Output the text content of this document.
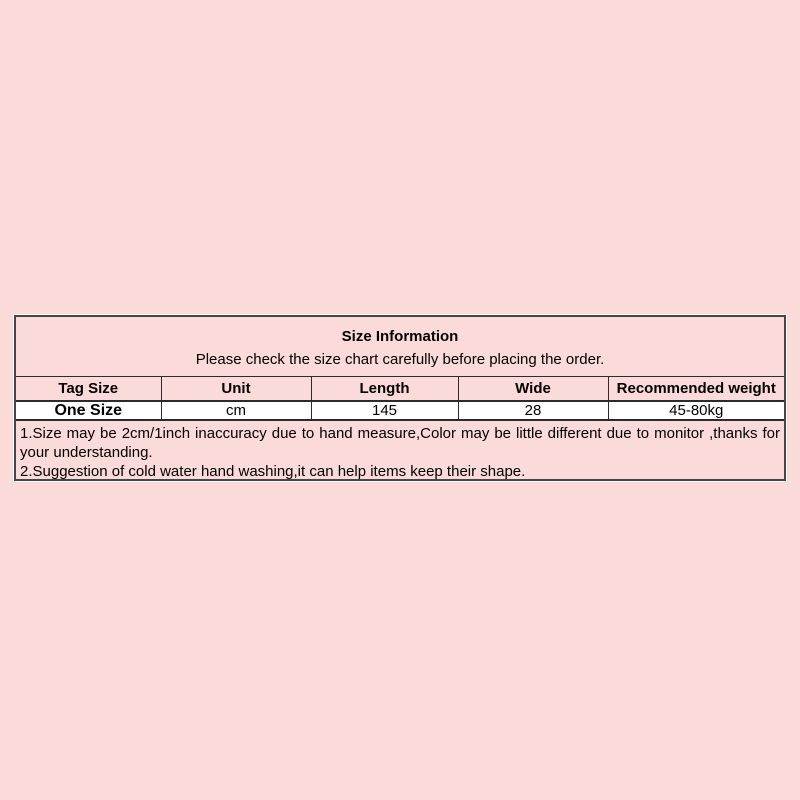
Size Information
Please check the size chart carefully before placing the order.
Tag Size	Unit	Length	Wide	Recommended weight
One Size	cm	145	28	45-80kg

1.Size may be 2cm/1inch inaccuracy due to hand measure,Color may be little different due to monitor ,thanks for your understanding.

2.Suggestion of cold water hand washing,it can help items keep their shape.
